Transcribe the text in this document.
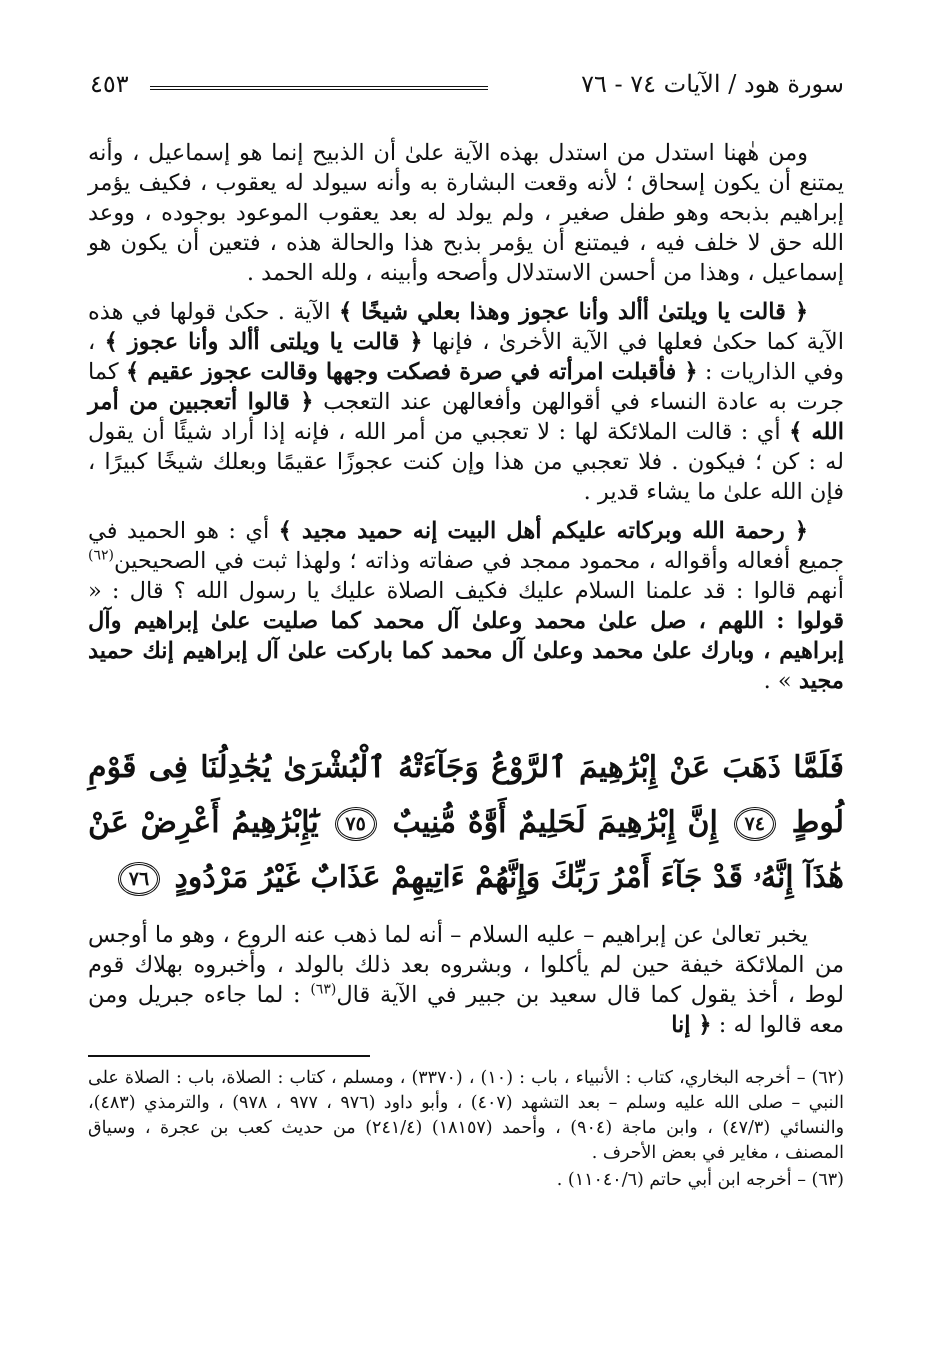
سورة هود / الآيات ٧٤ - ٧٦
٤٥٣

ومن هٰهنا استدل من استدل بهذه الآية علىٰ أن الذبيح إنما هو إسماعيل ، وأنه يمتنع أن يكون إسحاق ؛ لأنه وقعت البشارة به وأنه سيولد له يعقوب ، فكيف يؤمر إبراهيم بذبحه وهو طفل صغير ، ولم يولد له بعد يعقوب الموعود بوجوده ، ووعد الله حق لا خلف فيه ، فيمتنع أن يؤمر بذبح هذا والحالة هذه ، فتعين أن يكون هو إسماعيل ، وهذا من أحسن الاستدلال وأصحه وأبينه ، ولله الحمد .

﴿ قالت يا ويلتىٰ أألد وأنا عجوز وهذا بعلي شيخًا ﴾ الآية . حكىٰ قولها في هذه الآية كما حكىٰ فعلها في الآية الأخرىٰ ، فإنها ﴿ قالت يا ويلتى أألد وأنا عجوز ﴾ ، وفي الذاريات : ﴿ فأقبلت امرأته في صرة فصكت وجهها وقالت عجوز عقيم ﴾ كما جرت به عادة النساء في أقوالهن وأفعالهن عند التعجب ﴿ قالوا أتعجبين من أمر الله ﴾ أي : قالت الملائكة لها : لا تعجبي من أمر الله ، فإنه إذا أراد شيئًا أن يقول له : كن ؛ فيكون . فلا تعجبي من هذا وإن كنت عجوزًا عقيمًا وبعلك شيخًا كبيرًا ، فإن الله علىٰ ما يشاء قدير .

﴿ رحمة الله وبركاته عليكم أهل البيت إنه حميد مجيد ﴾ أي : هو الحميد في جميع أفعاله وأقواله ، محمود ممجد في صفاته وذاته ؛ ولهذا ثبت في الصحيحين$^{(٦٢)}$ أنهم قالوا : قد علمنا السلام عليك فكيف الصلاة عليك يا رسول الله ؟ قال : « قولوا : اللهم ، صل علىٰ محمد وعلىٰ آل محمد كما صليت علىٰ إبراهيم وآل إبراهيم ، وبارك علىٰ محمد وعلىٰ آل محمد كما باركت علىٰ آل إبراهيم إنك حميد مجيد » .

فَلَمَّا ذَهَبَ عَنْ إِبْرَٰهِيمَ ٱلرَّوْعُ وَجَآءَتْهُ ٱلْبُشْرَىٰ يُجَٰدِلُنَا فِى قَوْمِ لُوطٍ ٧٤ إِنَّ إِبْرَٰهِيمَ لَحَلِيمٌ أَوَّٰهٌ مُّنِيبٌ ٧٥ يَٰٓإِبْرَٰهِيمُ أَعْرِضْ عَنْ هَٰذَآ إِنَّهُۥ قَدْ جَآءَ أَمْرُ رَبِّكَ وَإِنَّهُمْ ءَاتِيهِمْ عَذَابٌ غَيْرُ مَرْدُودٍ ٧٦

يخبر تعالىٰ عن إبراهيم – عليه السلام – أنه لما ذهب عنه الروع ، وهو ما أوجس من الملائكة خيفة حين لم يأكلوا ، وبشروه بعد ذلك بالولد ، وأخبروه بهلاك قوم لوط ، أخذ يقول كما قال سعيد بن جبير في الآية قال$^{(٦٣)}$ : لما جاءه جبريل ومن معه قالوا له : ﴿ إنا

(٦٢) – أخرجه البخاري، كتاب : الأنبياء ، باب : (١٠) ، (٣٣٧٠) ، ومسلم ، كتاب : الصلاة، باب : الصلاة على النبي – صلى الله عليه وسلم – بعد التشهد (٤٠٧) ، وأبو داود (٩٧٦ ، ٩٧٧ ، ٩٧٨) ، والترمذي (٤٨٣)، والنسائي (٤٧/٣) ، وابن ماجة (٩٠٤) ، وأحمد (١٨١٥٧) (٢٤١/٤) من حديث كعب بن عجرة ، وسياق المصنف ، مغاير في بعض الأحرف .

(٦٣) – أخرجه ابن أبي حاتم (١١٠٤٠/٦) .
